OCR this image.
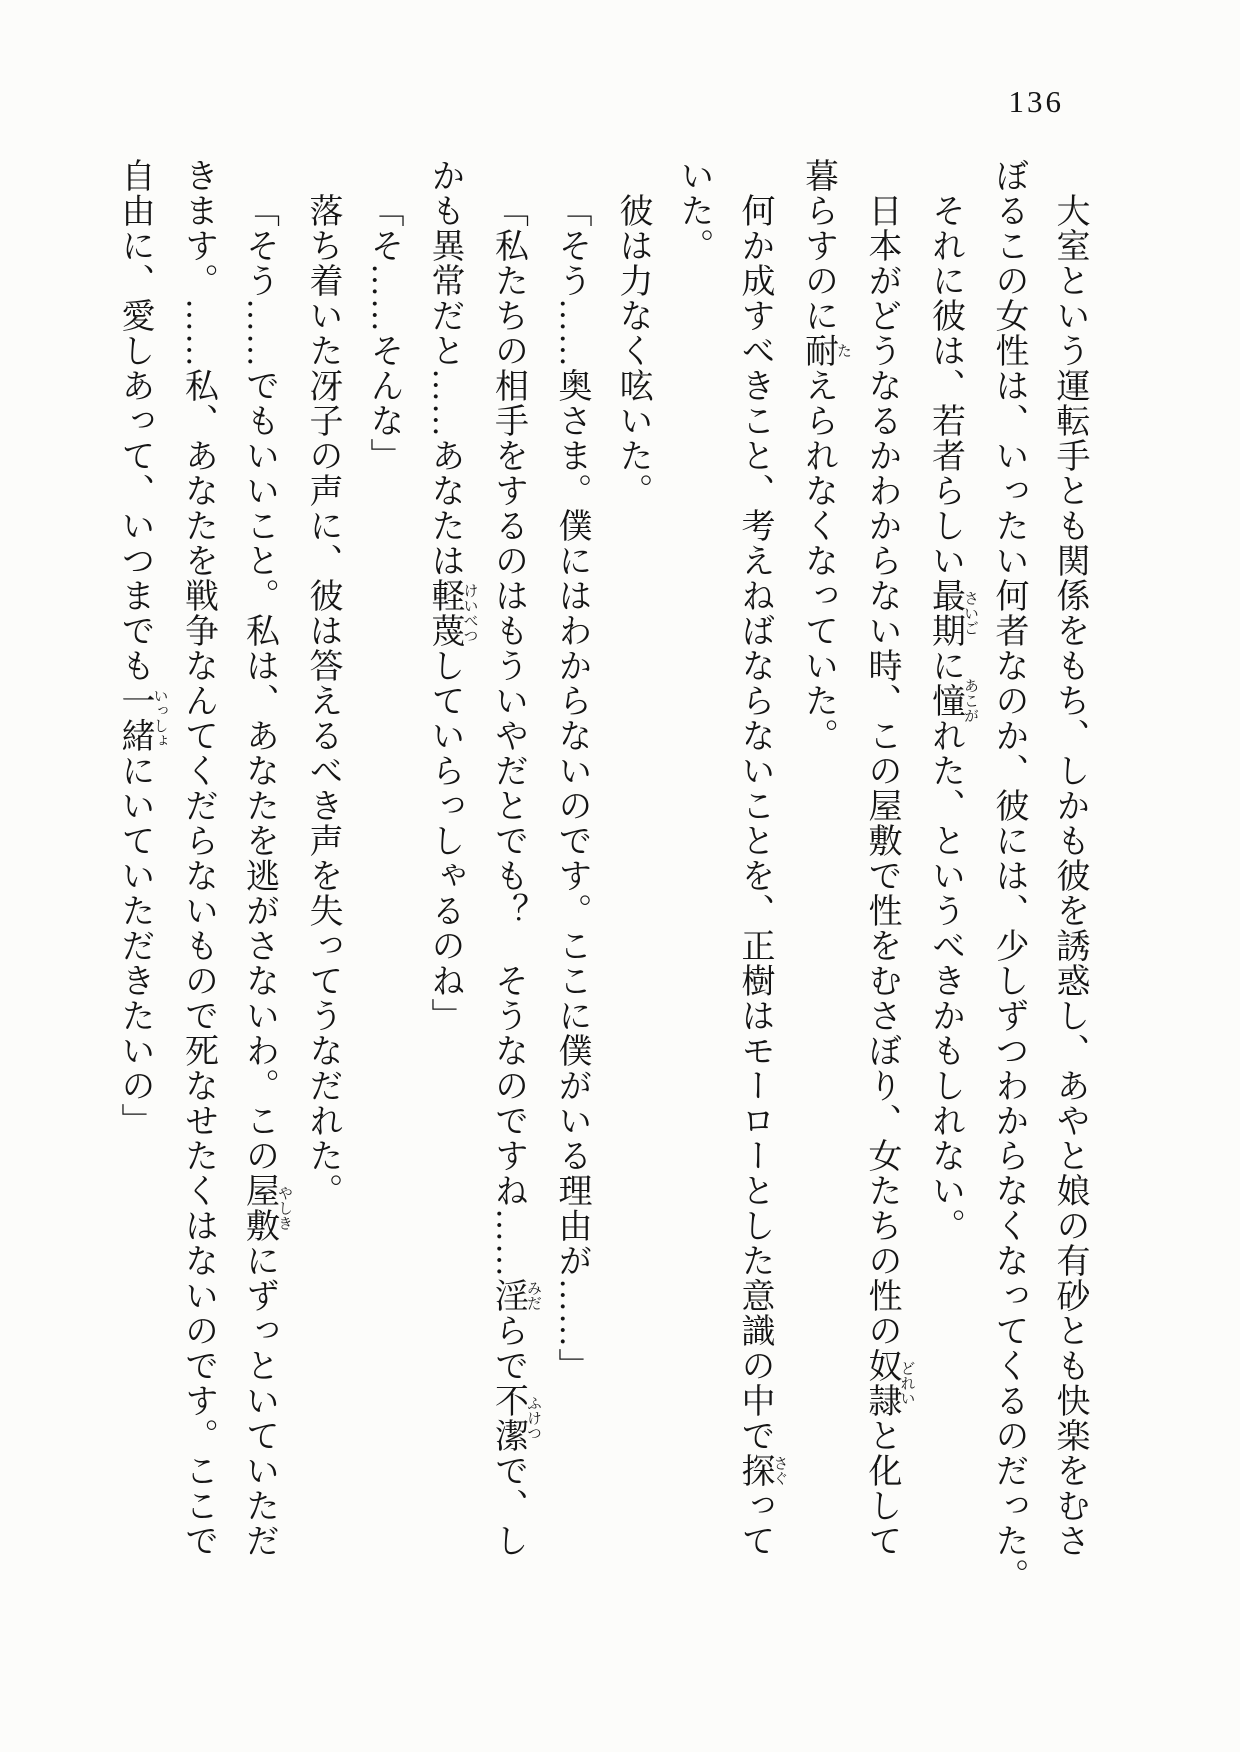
136

大室という運転手とも関係をもち、しかも彼を誘惑し、あやと娘の有砂とも快楽をむさ

ぼるこの女性は、いったい何者なのか、彼には、少しずつわからなくなってくるのだった。

それに彼は、若者らしい最期さいごに憧あこがれた、というべきかもしれない。

日本がどうなるかわからない時、この屋敷で性をむさぼり、女たちの性の奴隷どれいと化して

暮らすのに耐たえられなくなっていた。

何か成すべきこと、考えねばならないことを、正樹はモーローとした意識の中で探さぐって

いた。

彼は力なく呟いた。

「そう……奥さま。僕にはわからないのです。ここに僕がいる理由が……」

「私たちの相手をするのはもういやだとでも？　そうなのですね……淫みだらで不潔ふけつで、し

かも異常だと……あなたは軽蔑けいべつしていらっしゃるのね」

「そ……そんな」

落ち着いた冴子の声に、彼は答えるべき声を失ってうなだれた。

「そう……でもいいこと。私は、あなたを逃がさないわ。この屋敷やしきにずっといていただ

きます。……私、あなたを戦争なんてくだらないもので死なせたくはないのです。ここで

自由に、愛しあって、いつまでも一緒いっしょにいていただきたいの」
